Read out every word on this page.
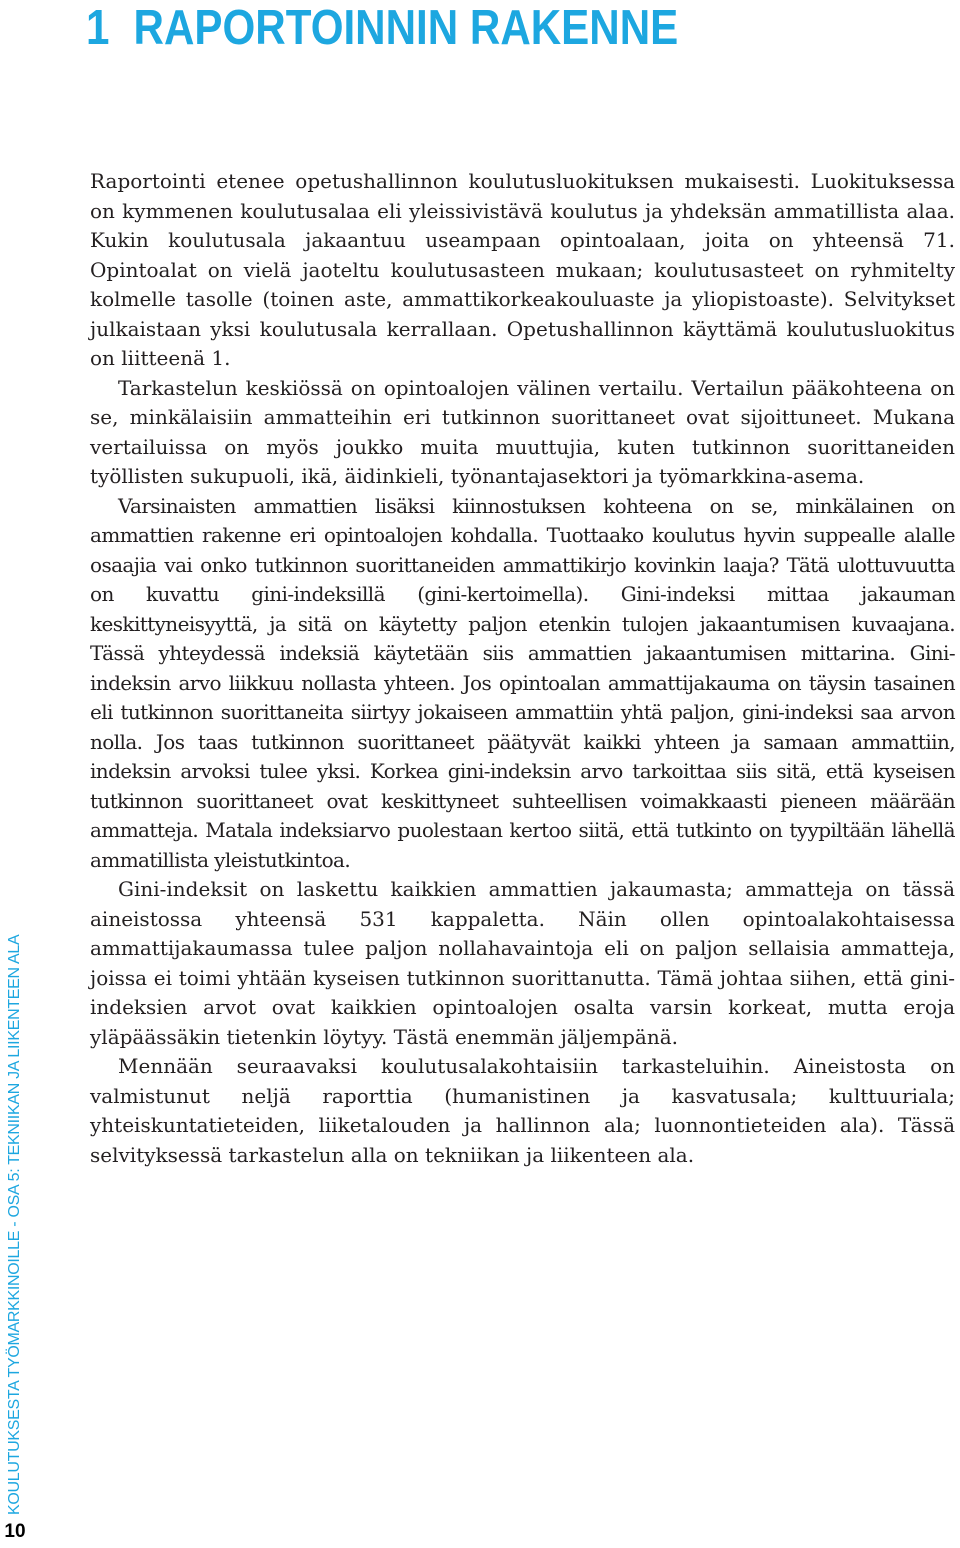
1 RAPORTOINNIN RAKENNE

Raportointi etenee opetushallinnon koulutusluokituksen mukaisesti. Luokituksessa on kymmenen koulutusalaa eli yleissivistävä koulutus ja yhdeksän ammatillista alaa. Kukin koulutusala jakaantuu useampaan opintoalaan, joita on yhteensä 71. Opintoalat on vielä jaoteltu koulutusasteen mukaan; koulutusasteet on ryhmitelty kolmelle tasolle (toinen aste, ammattikorkeakouluaste ja yliopistoaste). Selvitykset julkaistaan yksi koulutusala kerrallaan. Opetushallinnon käyttämä koulutusluokitus on liitteenä 1.

Tarkastelun keskiössä on opintoalojen välinen vertailu. Vertailun pääkohteena on se, minkälaisiin ammatteihin eri tutkinnon suorittaneet ovat sijoittuneet. Mukana vertailuissa on myös joukko muita muuttujia, kuten tutkinnon suorittaneiden työllisten sukupuoli, ikä, äidinkieli, työnantajasektori ja työmarkkina-asema.

Varsinaisten ammattien lisäksi kiinnostuksen kohteena on se, minkälainen on ammattien rakenne eri opintoalojen kohdalla. Tuottaako koulutus hyvin suppealle alalle osaajia vai onko tutkinnon suorittaneiden ammattikirjo kovinkin laaja? Tätä ulottuvuutta on kuvattu gini-indeksillä (gini-kertoimella). Gini-indeksi mittaa jakauman keskittyneisyyttä, ja sitä on käytetty paljon etenkin tulojen jakaantumisen kuvaajana. Tässä yhteydessä indeksiä käytetään siis ammattien jakaantumisen mittarina. Gini-indeksin arvo liikkuu nollasta yhteen. Jos opintoalan ammattijakauma on täysin tasainen eli tutkinnon suorittaneita siirtyy jokaiseen ammattiin yhtä paljon, gini-indeksi saa arvon nolla. Jos taas tutkinnon suorittaneet päätyvät kaikki yhteen ja samaan ammattiin, indeksin arvoksi tulee yksi. Korkea gini-indeksin arvo tarkoittaa siis sitä, että kyseisen tutkinnon suorittaneet ovat keskittyneet suhteellisen voimakkaasti pieneen määrään ammatteja. Matala indeksiarvo puolestaan kertoo siitä, että tutkinto on tyypiltään lähellä ammatillista yleistutkintoa.

Gini-indeksit on laskettu kaikkien ammattien jakaumasta; ammatteja on tässä aineistossa yhteensä 531 kappaletta. Näin ollen opintoalakohtaisessa ammattijakaumassa tulee paljon nollahavaintoja eli on paljon sellaisia ammatteja, joissa ei toimi yhtään kyseisen tutkinnon suorittanutta. Tämä johtaa siihen, että gini-indeksien arvot ovat kaikkien opintoalojen osalta varsin korkeat, mutta eroja yläpäässäkin tietenkin löytyy. Tästä enemmän jäljempänä.

Mennään seuraavaksi koulutusalakohtaisiin tarkasteluihin. Aineistosta on valmistunut neljä raporttia (humanistinen ja kasvatusala; kulttuuriala; yhteiskuntatieteiden, liiketalouden ja hallinnon ala; luonnontieteiden ala). Tässä selvityksessä tarkastelun alla on tekniikan ja liikenteen ala.

KOULUTUKSESTA TYÖMARKKINOILLE - OSA 5: TEKNIIKAN JA LIIKENTEEN ALA
10
